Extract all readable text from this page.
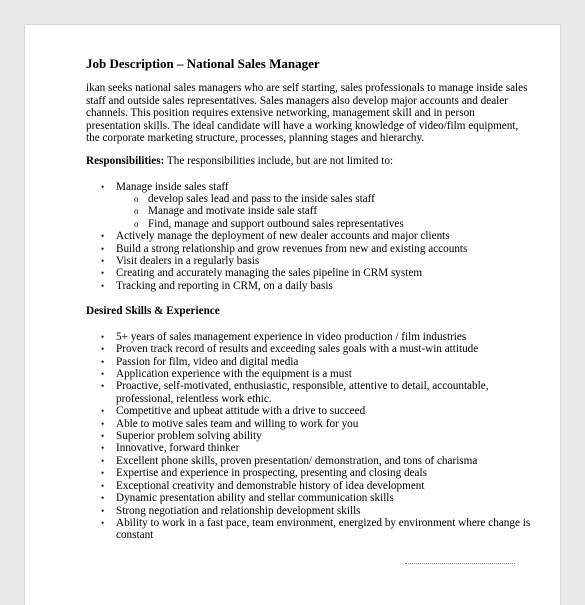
Job Description – National Sales Manager

ikan seeks national sales managers who are self starting, sales professionals to manage inside sales staff and outside sales representatives. Sales managers also develop major accounts and dealer channels. This position requires extensive networking, management skill and in person presentation skills. The ideal candidate will have a working knowledge of video/film equipment, the corporate marketing structure, processes, planning stages and hierarchy.

Responsibilities: The responsibilities include, but are not limited to:

• Manage inside sales staff
o develop sales lead and pass to the inside sales staff
o Manage and motivate inside sale staff
o Find, manage and support outbound sales representatives
• Actively manage the deployment of new dealer accounts and major clients
• Build a strong relationship and grow revenues from new and existing accounts
• Visit dealers in a regularly basis
• Creating and accurately managing the sales pipeline in CRM system
• Tracking and reporting in CRM, on a daily basis

Desired Skills & Experience

• 5+ years of sales management experience in video production / film industries
• Proven track record of results and exceeding sales goals with a must-win attitude
• Passion for film, video and digital media
• Application experience with the equipment is a must
• Proactive, self-motivated, enthusiastic, responsible, attentive to detail, accountable, professional, relentless work ethic.
• Competitive and upbeat attitude with a drive to succeed
• Able to motive sales team and willing to work for you
• Superior problem solving ability
• Innovative, forward thinker
• Excellent phone skills, proven presentation/ demonstration, and tons of charisma
• Expertise and experience in prospecting, presenting and closing deals
• Exceptional creativity and demonstrable history of idea development
• Dynamic presentation ability and stellar communication skills
• Strong negotiation and relationship development skills
• Ability to work in a fast pace, team environment, energized by environment where change is constant
